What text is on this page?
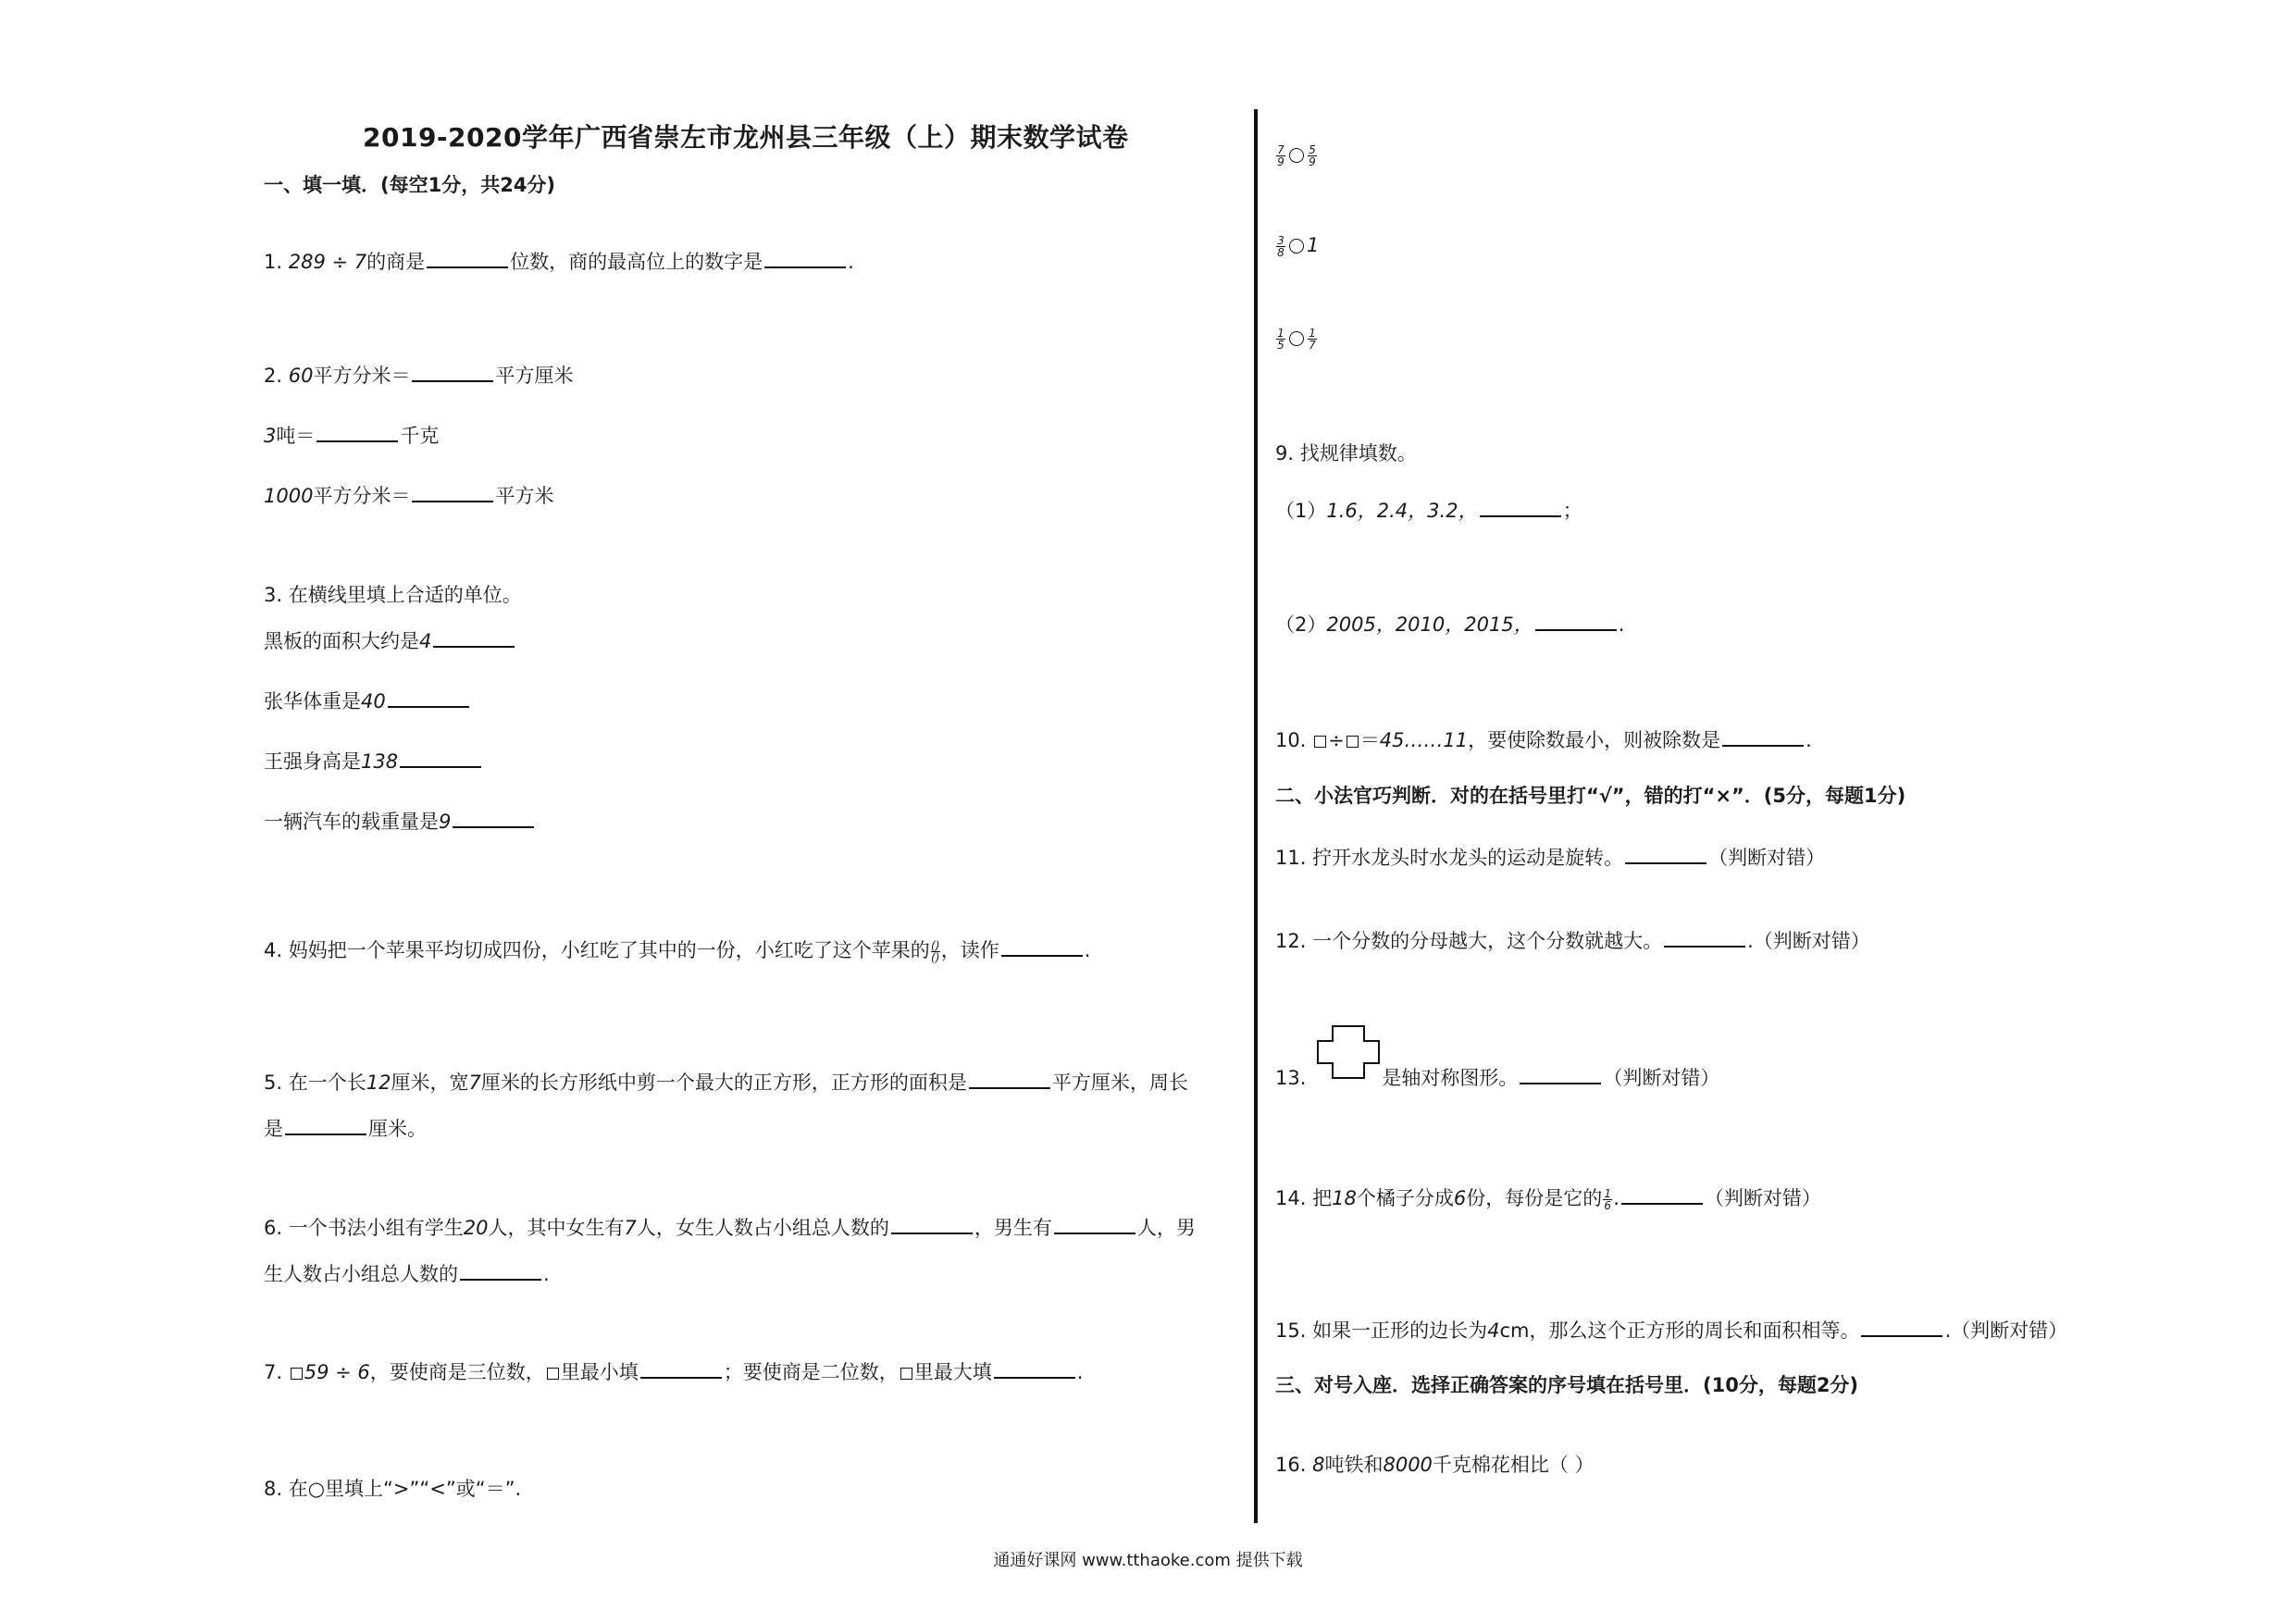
2019-2020学年广西省崇左市龙州县三年级（上）期末数学试卷
一、填一填．(每空1分，共24分)
1. 289 ÷ 7的商是	位数，商的最高位上的数字是	.
2. 60平方分米＝	平方厘米
3吨＝	千克
1000平方分米＝	平方米
3. 在横线里填上合适的单位。
黑板的面积大约是4
张华体重是40
王强身高是138
一辆汽车的载重量是9
4. 妈妈把一个苹果平均切成四份，小红吃了其中的一份，小红吃了这个苹果的 $\frac{()}{()}$ ，读作	.
5. 在一个长12厘米，宽7厘米的长方形纸中剪一个最大的正方形，正方形的面积是	平方厘米，周长
是	厘米。
6. 一个书法小组有学生20人，其中女生有7人，女生人数占小组总人数的	，男生有	人，男
生人数占小组总人数的	.
7. 59 ÷ 6，要使商是三位数， 里最小填	；要使商是二位数， 里最大填	.
8. 在○里填上“>”“<”或“＝”.
$\frac{7}{9} \frac{5}{9}$
$\frac{3}{8} 1$
$\frac{1}{5} \frac{1}{7}$
9. 找规律填数。
（1）1.6，2.4，3.2，	；
（2）2005，2010，2015，	.
10. ÷ ＝45……11，要使除数最小，则被除数是	.
二、小法官巧判断．对的在括号里打“√”，错的打“×”．(5分，每题1分)
11. 拧开水龙头时水龙头的运动是旋转。	（判断对错）
12. 一个分数的分母越大，这个分数就越大。	.（判断对错）
13.	是轴对称图形。	（判断对错）
14. 把18个橘子分成6份，每份是它的 $\frac{1}{6}$ .	（判断对错）
15. 如果一正形的边长为4cm，那么这个正方形的周长和面积相等。	.（判断对错）
三、对号入座．选择正确答案的序号填在括号里．(10分，每题2分)
16. 8吨铁和8000千克棉花相比（ ）
通通好课网 www.tthaoke.com 提供下载
